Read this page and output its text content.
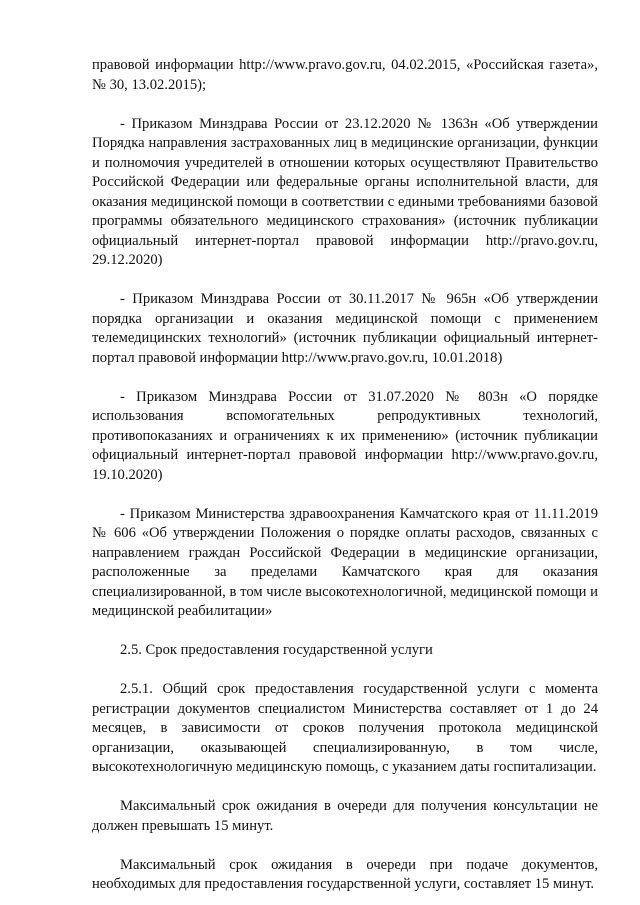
правовой информации http://www.pravo.gov.ru, 04.02.2015, «Российская газета», № 30, 13.02.2015);

- Приказом Минздрава России от 23.12.2020 № 1363н «Об утверждении Порядка направления застрахованных лиц в медицинские организации, функции и полномочия учредителей в отношении которых осуществляют Правительство Российской Федерации или федеральные органы исполнительной власти, для оказания медицинской помощи в соответствии с едиными требованиями базовой программы обязательного медицинского страхования» (источник публикации официальный интернет-портал правовой информации http://pravo.gov.ru, 29.12.2020)

- Приказом Минздрава России от 30.11.2017 № 965н «Об утверждении порядка организации и оказания медицинской помощи с применением телемедицинских технологий» (источник публикации официальный интернет-портал правовой информации http://www.pravo.gov.ru, 10.01.2018)

- Приказом Минздрава России от 31.07.2020 № 803н «О порядке использования вспомогательных репродуктивных технологий, противопоказаниях и ограничениях к их применению» (источник публикации официальный интернет-портал правовой информации http://www.pravo.gov.ru, 19.10.2020)

- Приказом Министерства здравоохранения Камчатского края от 11.11.2019 № 606 «Об утверждении Положения о порядке оплаты расходов, связанных с направлением граждан Российской Федерации в медицинские организации, расположенные за пределами Камчатского края для оказания специализированной, в том числе высокотехнологичной, медицинской помощи и медицинской реабилитации»

2.5. Срок предоставления государственной услуги

2.5.1. Общий срок предоставления государственной услуги с момента регистрации документов специалистом Министерства составляет от 1 до 24 месяцев, в зависимости от сроков получения протокола медицинской организации, оказывающей специализированную, в том числе, высокотехнологичную медицинскую помощь, с указанием даты госпитализации.

Максимальный срок ожидания в очереди для получения консультации не должен превышать 15 минут.

Максимальный срок ожидания в очереди при подаче документов, необходимых для предоставления государственной услуги, составляет 15 минут.
